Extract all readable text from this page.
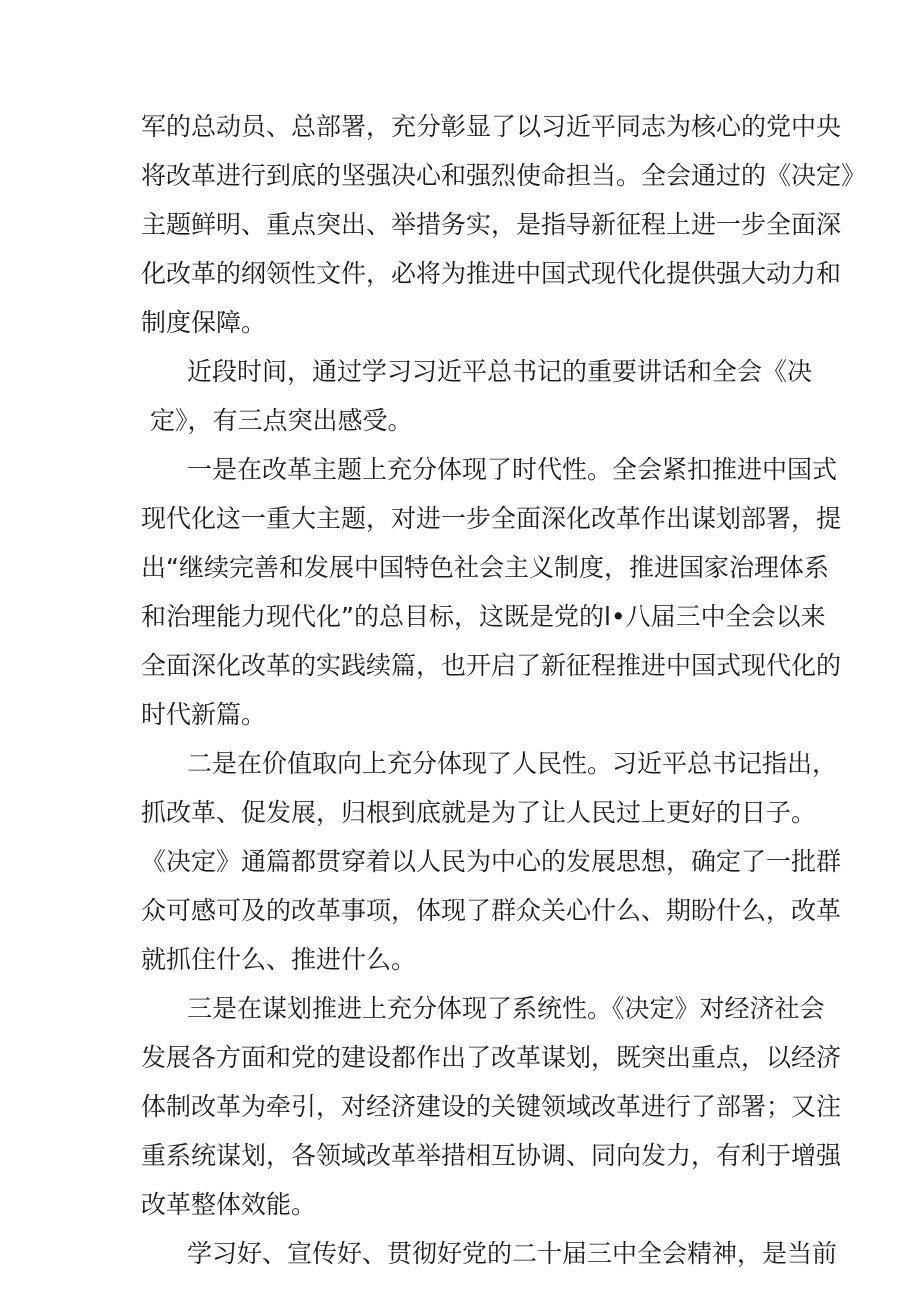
军的总动员、总部署，充分彰显了以习近平同志为核心的党中央
将改革进行到底的坚强决心和强烈使命担当。全会通过的《决定》
主题鲜明、重点突出、举措务实，是指导新征程上进一步全面深
化改革的纲领性文件，必将为推进中国式现代化提供强大动力和
制度保障。
近段时间，通过学习习近平总书记的重要讲话和全会《决
定》，有三点突出感受。
一是在改革主题上充分体现了时代性。全会紧扣推进中国式
现代化这一重大主题，对进一步全面深化改革作出谋划部署，提
出“继续完善和发展中国特色社会主义制度，推进国家治理体系
和治理能力现代化”的总目标，这既是党的l•八届三中全会以来
全面深化改革的实践续篇，也开启了新征程推进中国式现代化的
时代新篇。
二是在价值取向上充分体现了人民性。习近平总书记指出，
抓改革、促发展，归根到底就是为了让人民过上更好的日子。
《决定》通篇都贯穿着以人民为中心的发展思想，确定了一批群
众可感可及的改革事项，体现了群众关心什么、期盼什么，改革
就抓住什么、推进什么。
三是在谋划推进上充分体现了系统性。《决定》对经济社会
发展各方面和党的建设都作出了改革谋划，既突出重点，以经济
体制改革为牵引，对经济建设的关键领域改革进行了部署；又注
重系统谋划，各领域改革举措相互协调、同向发力，有利于增强
改革整体效能。
学习好、宣传好、贯彻好党的二十届三中全会精神，是当前
